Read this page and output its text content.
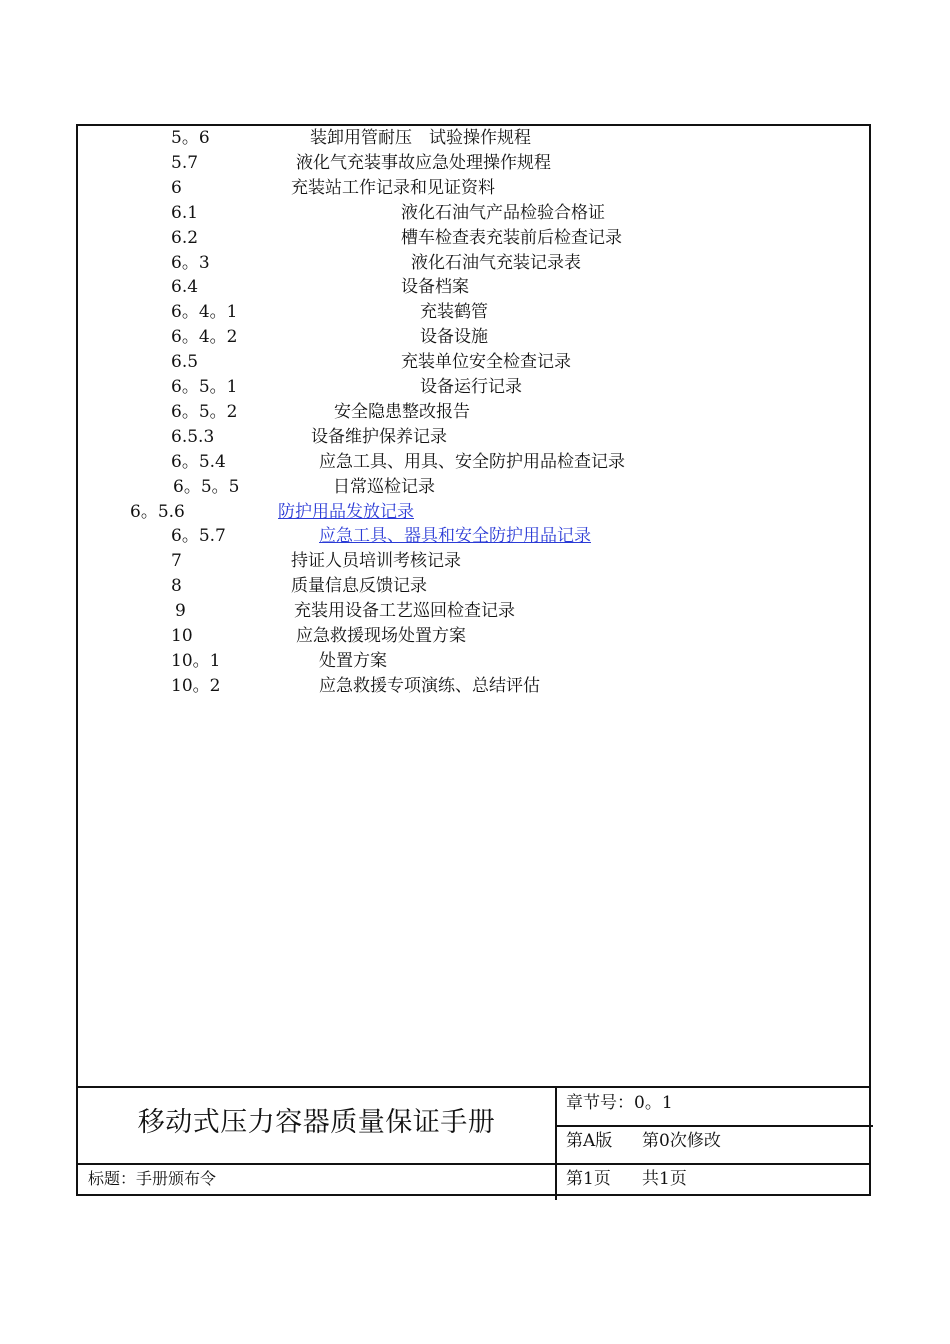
5。6	装卸用管耐压　试验操作规程
5.7	液化气充装事故应急处理操作规程
6	充装站工作记录和见证资料
6.1	液化石油气产品检验合格证
6.2	槽车检查表充装前后检查记录
6。3	液化石油气充装记录表
6.4	设备档案
6。4。1	充装鹤管
6。4。2	设备设施
6.5	充装单位安全检查记录
6。5。1	设备运行记录
6。5。2	安全隐患整改报告
6.5.3	设备维护保养记录
6。5.4	应急工具、用具、安全防护用品检查记录
6。5。5	日常巡检记录
6。5.6	防护用品发放记录
6。5.7	应急工具、器具和安全防护用品记录
7	持证人员培训考核记录
8	质量信息反馈记录
9	充装用设备工艺巡回检查记录
10	应急救援现场处置方案
10。1	处置方案
10。2	应急救援专项演练、总结评估
移动式压力容器质量保证手册
章节号：0。1
第A版 第0次修改
标题：手册颁布令	第1页 共1页
